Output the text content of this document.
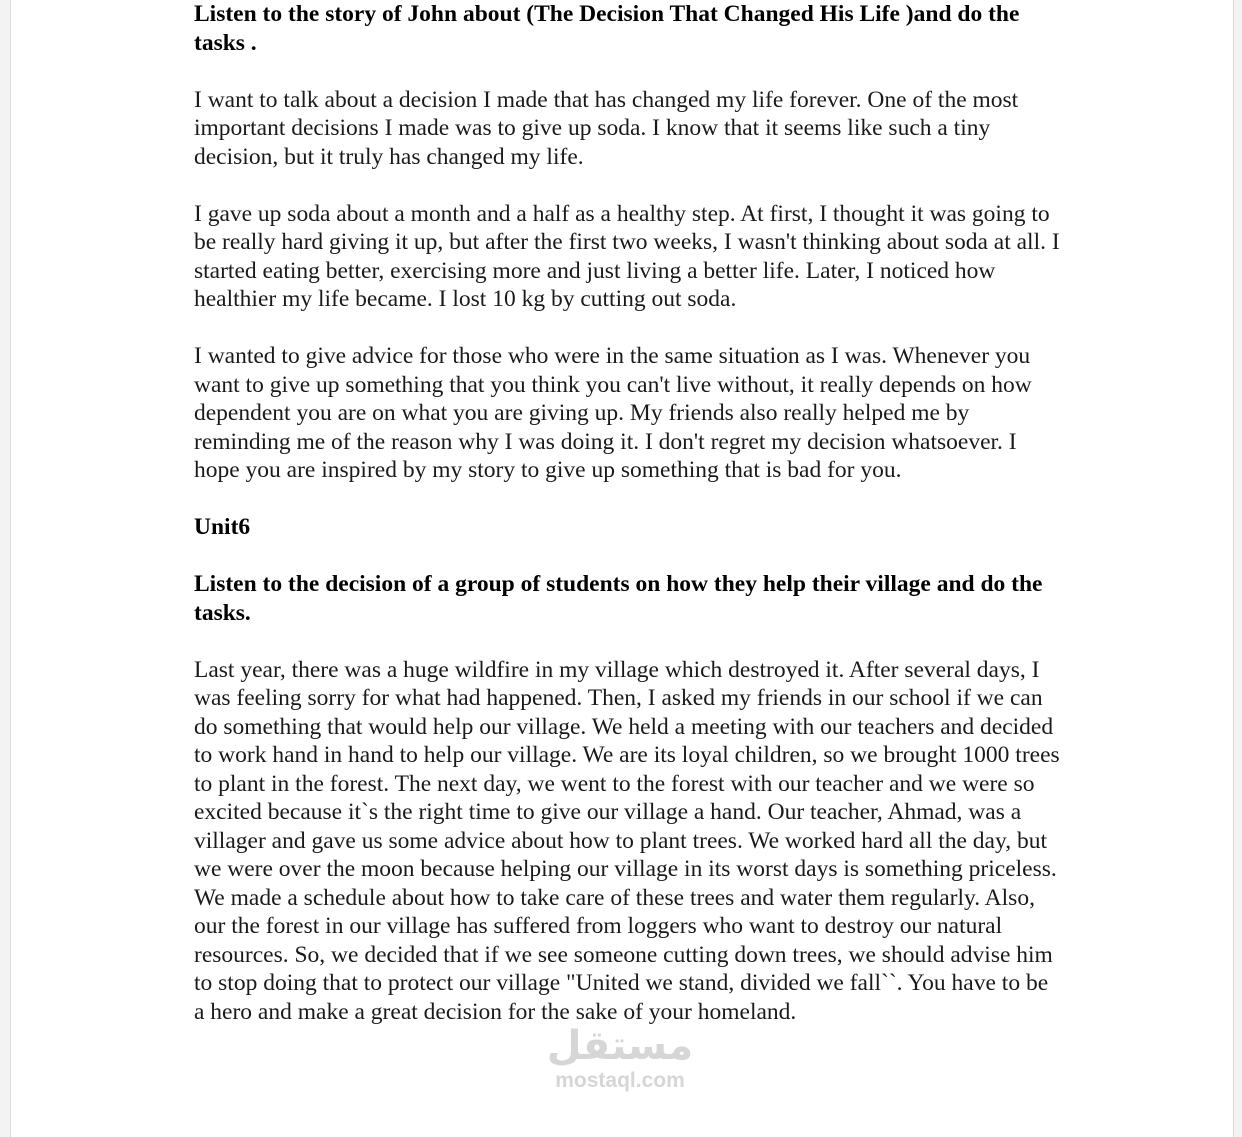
Listen to the story of John about (The Decision That Changed His Life )and do the tasks .

I want to talk about a decision I made that has changed my life forever. One of the most important decisions I made was to give up soda. I know that it seems like such a tiny decision, but it truly has changed my life.

I gave up soda about a month and a half as a healthy step. At first, I thought it was going to be really hard giving it up, but after the first two weeks, I wasn't thinking about soda at all. I started eating better, exercising more and just living a better life. Later, I noticed how healthier my life became. I lost 10 kg by cutting out soda.

I wanted to give advice for those who were in the same situation as I was. Whenever you want to give up something that you think you can't live without, it really depends on how dependent you are on what you are giving up. My friends also really helped me by reminding me of the reason why I was doing it. I don't regret my decision whatsoever. I hope you are inspired by my story to give up something that is bad for you.

Unit6

Listen to the decision of a group of students on how they help their village and do the tasks.

Last year, there was a huge wildfire in my village which destroyed it. After several days, I was feeling sorry for what had happened. Then, I asked my friends in our school if we can do something that would help our village. We held a meeting with our teachers and decided to work hand in hand to help our village. We are its loyal children, so we brought 1000 trees to plant in the forest. The next day, we went to the forest with our teacher and we were so excited because it`s the right time to give our village a hand. Our teacher, Ahmad, was a villager and gave us some advice about how to plant trees. We worked hard all the day, but we were over the moon because helping our village in its worst days is something priceless. We made a schedule about how to take care of these trees and water them regularly. Also, our the forest in our village has suffered from loggers who want to destroy our natural resources. So, we decided that if we see someone cutting down trees, we should advise him to stop doing that to protect our village "United we stand, divided we fall``. You have to be a hero and make a great decision for the sake of your homeland.

مستقل
mostaql.com
